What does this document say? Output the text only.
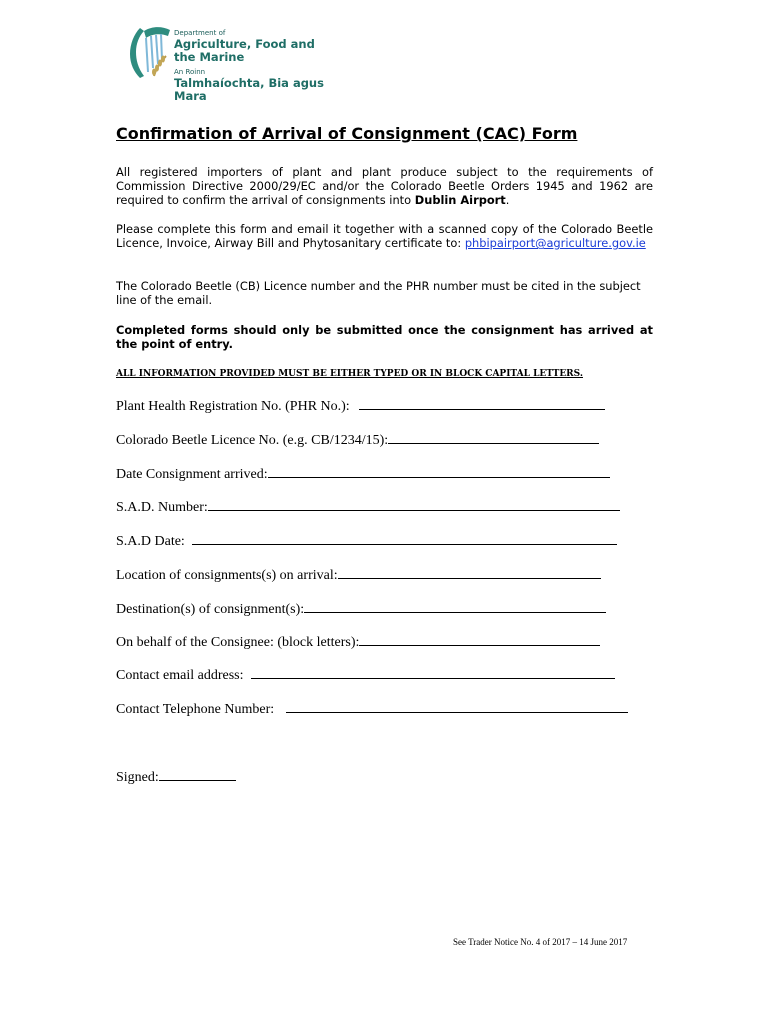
Department of
Agriculture, Food and the Marine
An Roinn
Talmhaíochta, Bia agus Mara
Confirmation of Arrival of Consignment (CAC) Form
All registered importers of plant and plant produce subject to the requirements of Commission Directive 2000/29/EC and/or the Colorado Beetle Orders 1945 and 1962 are required to confirm the arrival of consignments into Dublin Airport.
Please complete this form and email it together with a scanned copy of the Colorado Beetle Licence, Invoice, Airway Bill and Phytosanitary certificate to: phbipairport@agriculture.gov.ie
The Colorado Beetle (CB) Licence number and the PHR number must be cited in the subject line of the email.
Completed forms should only be submitted once the consignment has arrived at the point of entry.
ALL INFORMATION PROVIDED MUST BE EITHER TYPED OR IN BLOCK CAPITAL LETTERS.
Plant Health Registration No. (PHR No.):
Colorado Beetle Licence No. (e.g. CB/1234/15):
Date Consignment arrived:
S.A.D. Number:
S.A.D Date:
Location of consignments(s) on arrival:
Destination(s) of consignment(s):
On behalf of the Consignee: (block letters):
Contact email address:
Contact Telephone Number:
Signed:
See Trader Notice No. 4 of 2017 – 14 June 2017
